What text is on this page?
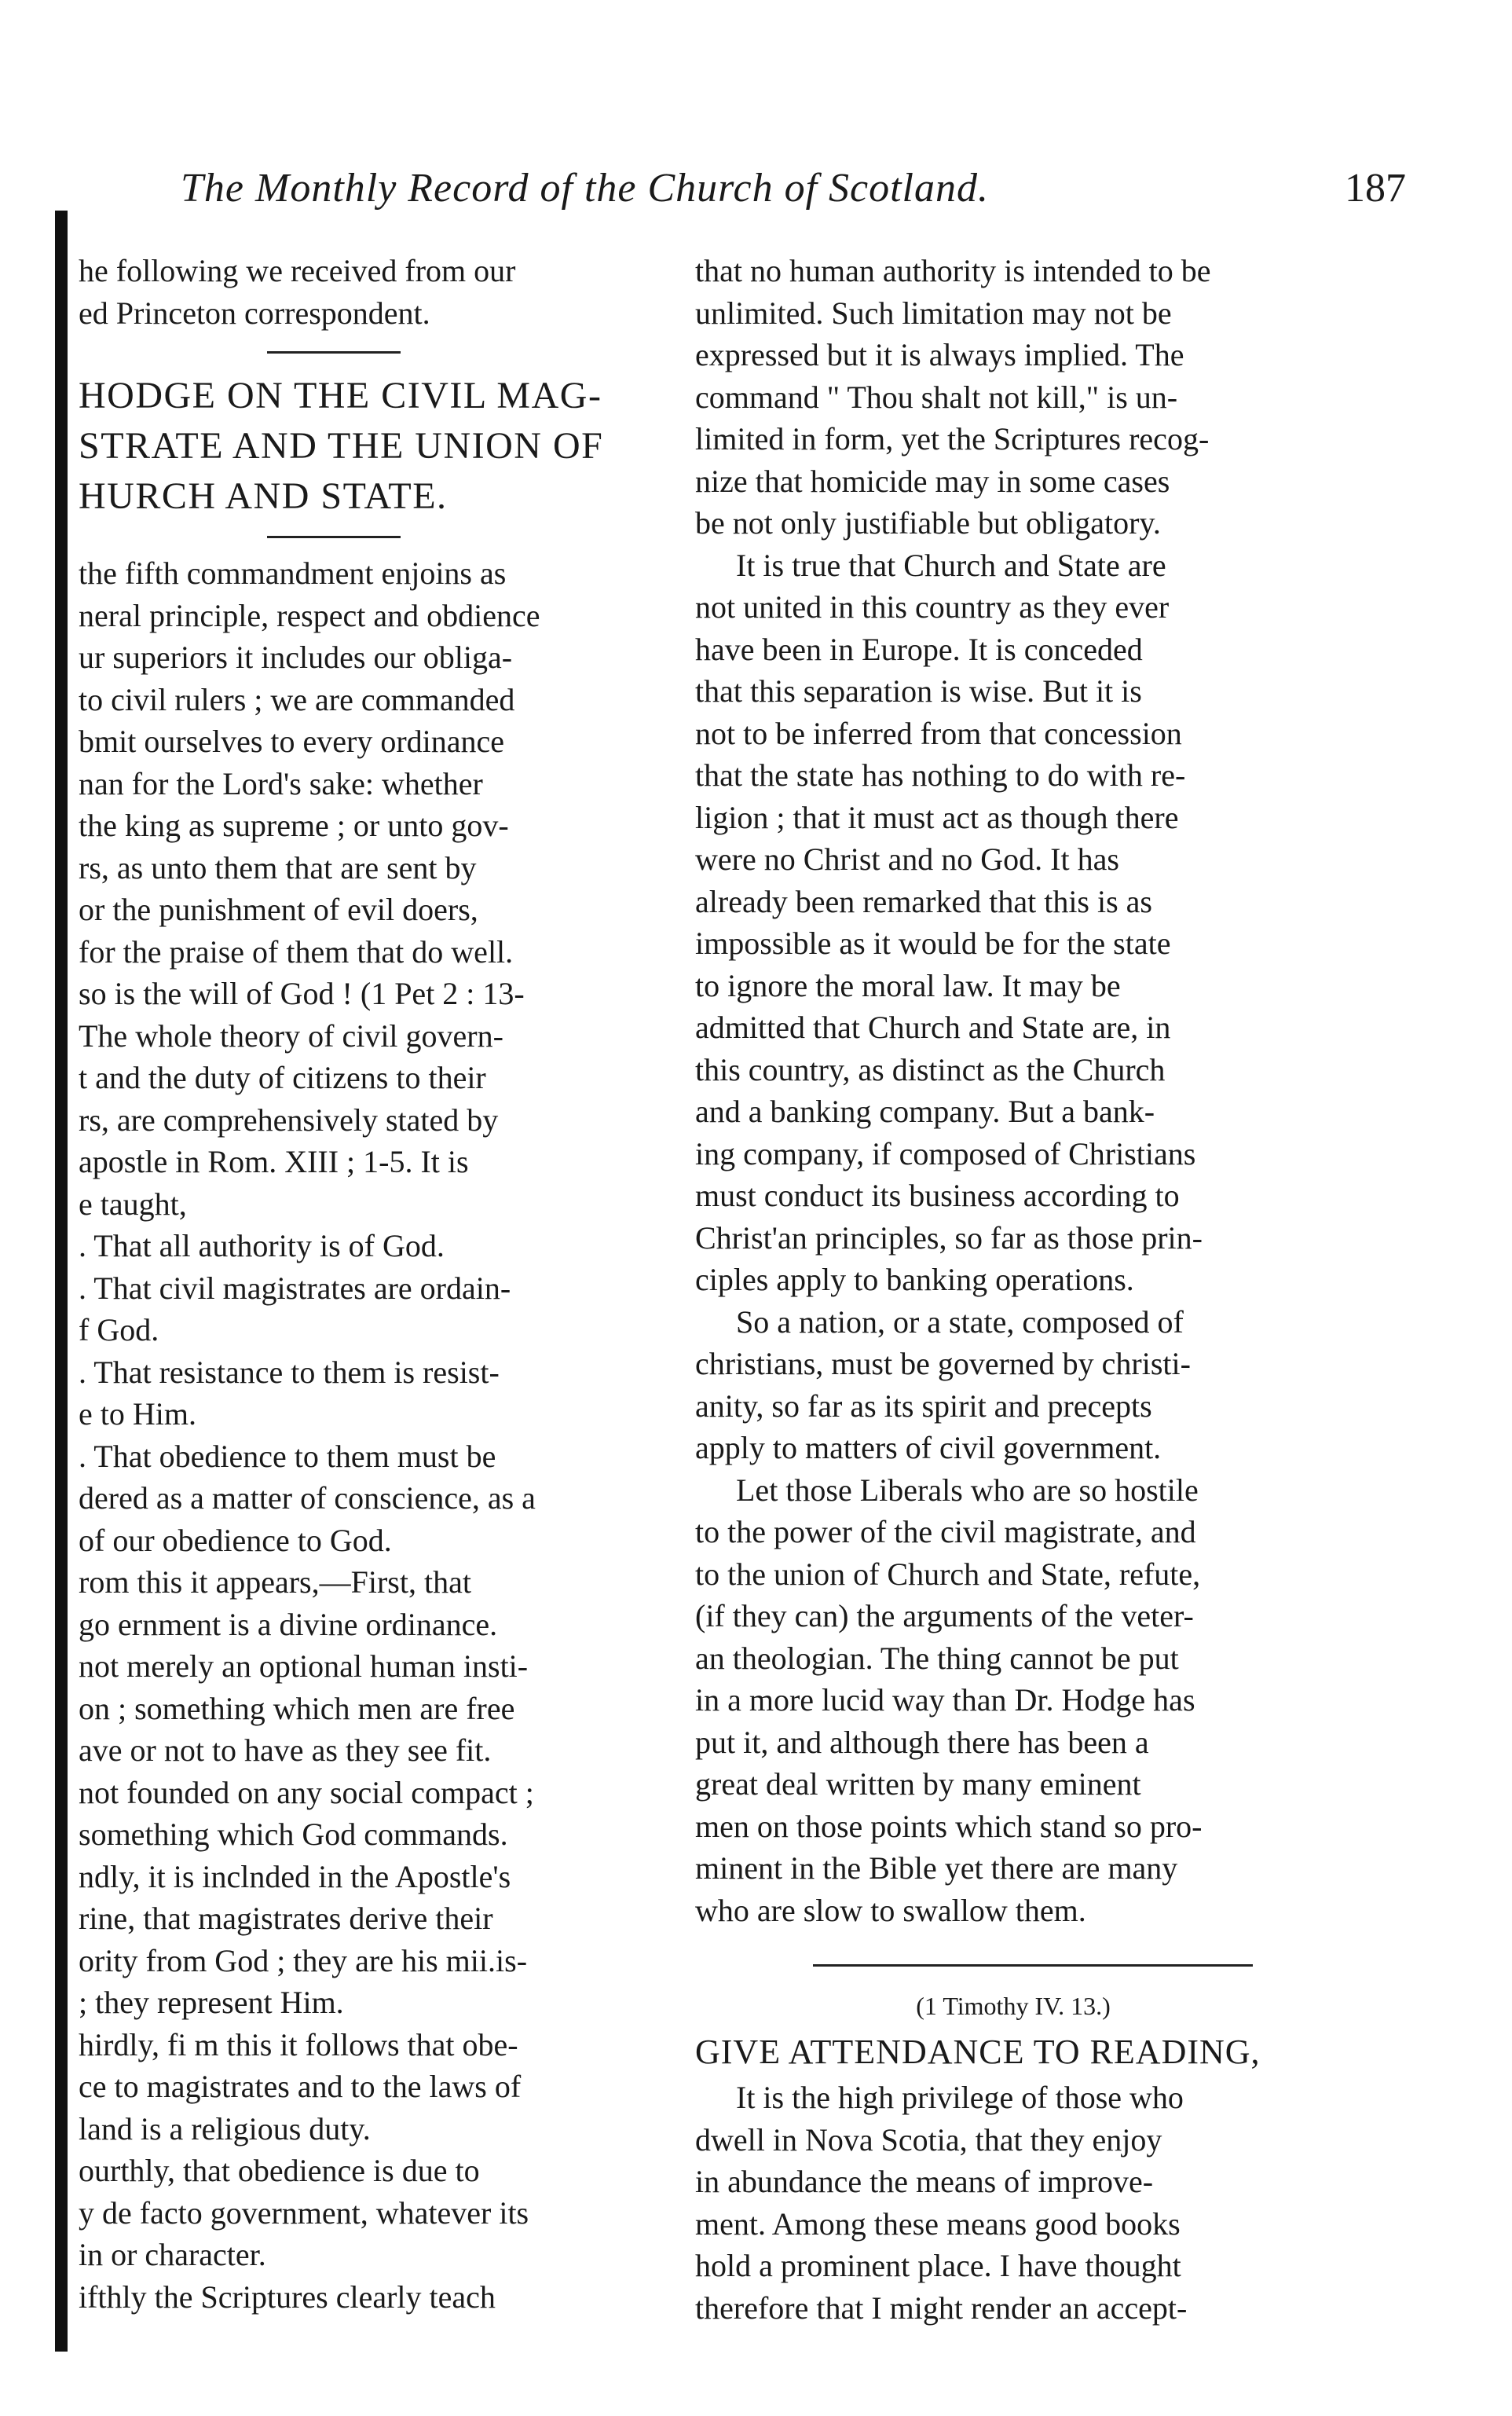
The Monthly Record of the Church of Scotland.	187
he following we received from our
ed Princeton correspondent.
HODGE ON THE CIVIL MAG-
STRATE AND THE UNION OF
HURCH AND STATE.
the fifth commandment enjoins as
neral principle, respect and obdience
ur superiors it includes our obliga-
to civil rulers ; we are commanded
bmit ourselves to every ordinance
nan for the Lord's sake: whether
the king as supreme ; or unto gov-
rs, as unto them that are sent by
or the punishment of evil doers,
for the praise of them that do well.
so is the will of God ! (1 Pet 2 : 13-
The whole theory of civil govern-
t and the duty of citizens to their
rs, are comprehensively stated by
apostle in Rom. XIII ; 1-5. It is
e taught,
. That all authority is of God.
. That civil magistrates are ordain-
f God.
. That resistance to them is resist-
e to Him.
. That obedience to them must be
dered as a matter of conscience, as a
of our obedience to God.
rom this it appears,—First, that
go ernment is a divine ordinance.
not merely an optional human insti-
on ; something which men are free
ave or not to have as they see fit.
not founded on any social compact ;
something which God commands.
ndly, it is inclnded in the Apostle's
rine, that magistrates derive their
ority from God ; they are his mii.is-
; they represent Him.
hirdly, fi m this it follows that obe-
ce to magistrates and to the laws of
land is a religious duty.
ourthly, that obedience is due to
y de facto government, whatever its
in or character.
ifthly the Scriptures clearly teach
that no human authority is intended to be
unlimited. Such limitation may not be
expressed but it is always implied. The
command " Thou shalt not kill," is un-
limited in form, yet the Scriptures recog-
nize that homicide may in some cases
be not only justifiable but obligatory.
It is true that Church and State are
not united in this country as they ever
have been in Europe. It is conceded
that this separation is wise. But it is
not to be inferred from that concession
that the state has nothing to do with re-
ligion ; that it must act as though there
were no Christ and no God. It has
already been remarked that this is as
impossible as it would be for the state
to ignore the moral law. It may be
admitted that Church and State are, in
this country, as distinct as the Church
and a banking company. But a bank-
ing company, if composed of Christians
must conduct its business according to
Christ'an principles, so far as those prin-
ciples apply to banking operations.
So a nation, or a state, composed of
christians, must be governed by christi-
anity, so far as its spirit and precepts
apply to matters of civil government.
Let those Liberals who are so hostile
to the power of the civil magistrate, and
to the union of Church and State, refute,
(if they can) the arguments of the veter-
an theologian. The thing cannot be put
in a more lucid way than Dr. Hodge has
put it, and although there has been a
great deal written by many eminent
men on those points which stand so pro-
minent in the Bible yet there are many
who are slow to swallow them.
(1 Timothy IV. 13.)
GIVE ATTENDANCE TO READING,
It is the high privilege of those who
dwell in Nova Scotia, that they enjoy
in abundance the means of improve-
ment. Among these means good books
hold a prominent place. I have thought
therefore that I might render an accept-
